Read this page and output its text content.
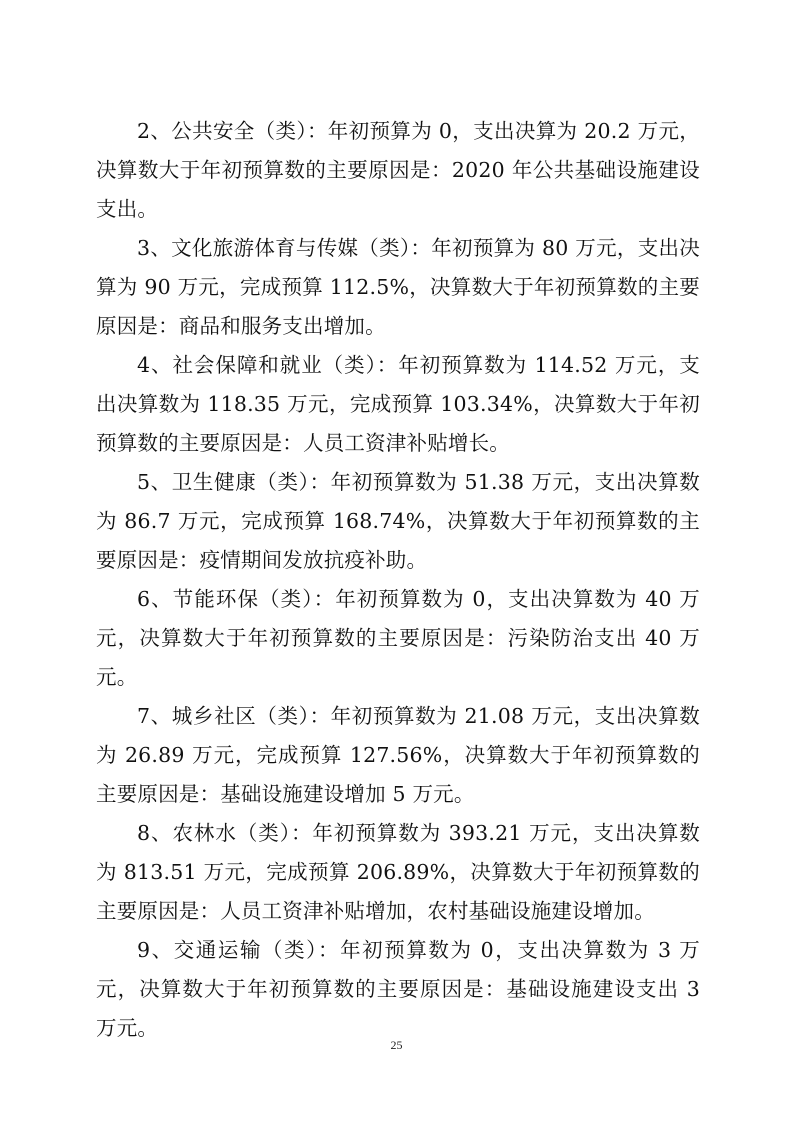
2、公共安全（类）：年初预算为 0，支出决算为 20.2 万元，决算数大于年初预算数的主要原因是：2020 年公共基础设施建设支出。

3、文化旅游体育与传媒（类）：年初预算为 80 万元，支出决算为 90 万元，完成预算 112.5%，决算数大于年初预算数的主要原因是：商品和服务支出增加。

4、社会保障和就业（类）：年初预算数为 114.52 万元，支出决算数为 118.35 万元，完成预算 103.34%，决算数大于年初预算数的主要原因是：人员工资津补贴增长。

5、卫生健康（类）：年初预算数为 51.38 万元，支出决算数为 86.7 万元，完成预算 168.74%，决算数大于年初预算数的主要原因是：疫情期间发放抗疫补助。

6、节能环保（类）：年初预算数为 0，支出决算数为 40 万元，决算数大于年初预算数的主要原因是：污染防治支出 40 万元。

7、城乡社区（类）：年初预算数为 21.08 万元，支出决算数为 26.89 万元，完成预算 127.56%，决算数大于年初预算数的主要原因是：基础设施建设增加 5 万元。

8、农林水（类）：年初预算数为 393.21 万元，支出决算数为 813.51 万元，完成预算 206.89%，决算数大于年初预算数的主要原因是：人员工资津补贴增加，农村基础设施建设增加。

9、交通运输（类）：年初预算数为 0，支出决算数为 3 万元，决算数大于年初预算数的主要原因是：基础设施建设支出 3 万元。

25
